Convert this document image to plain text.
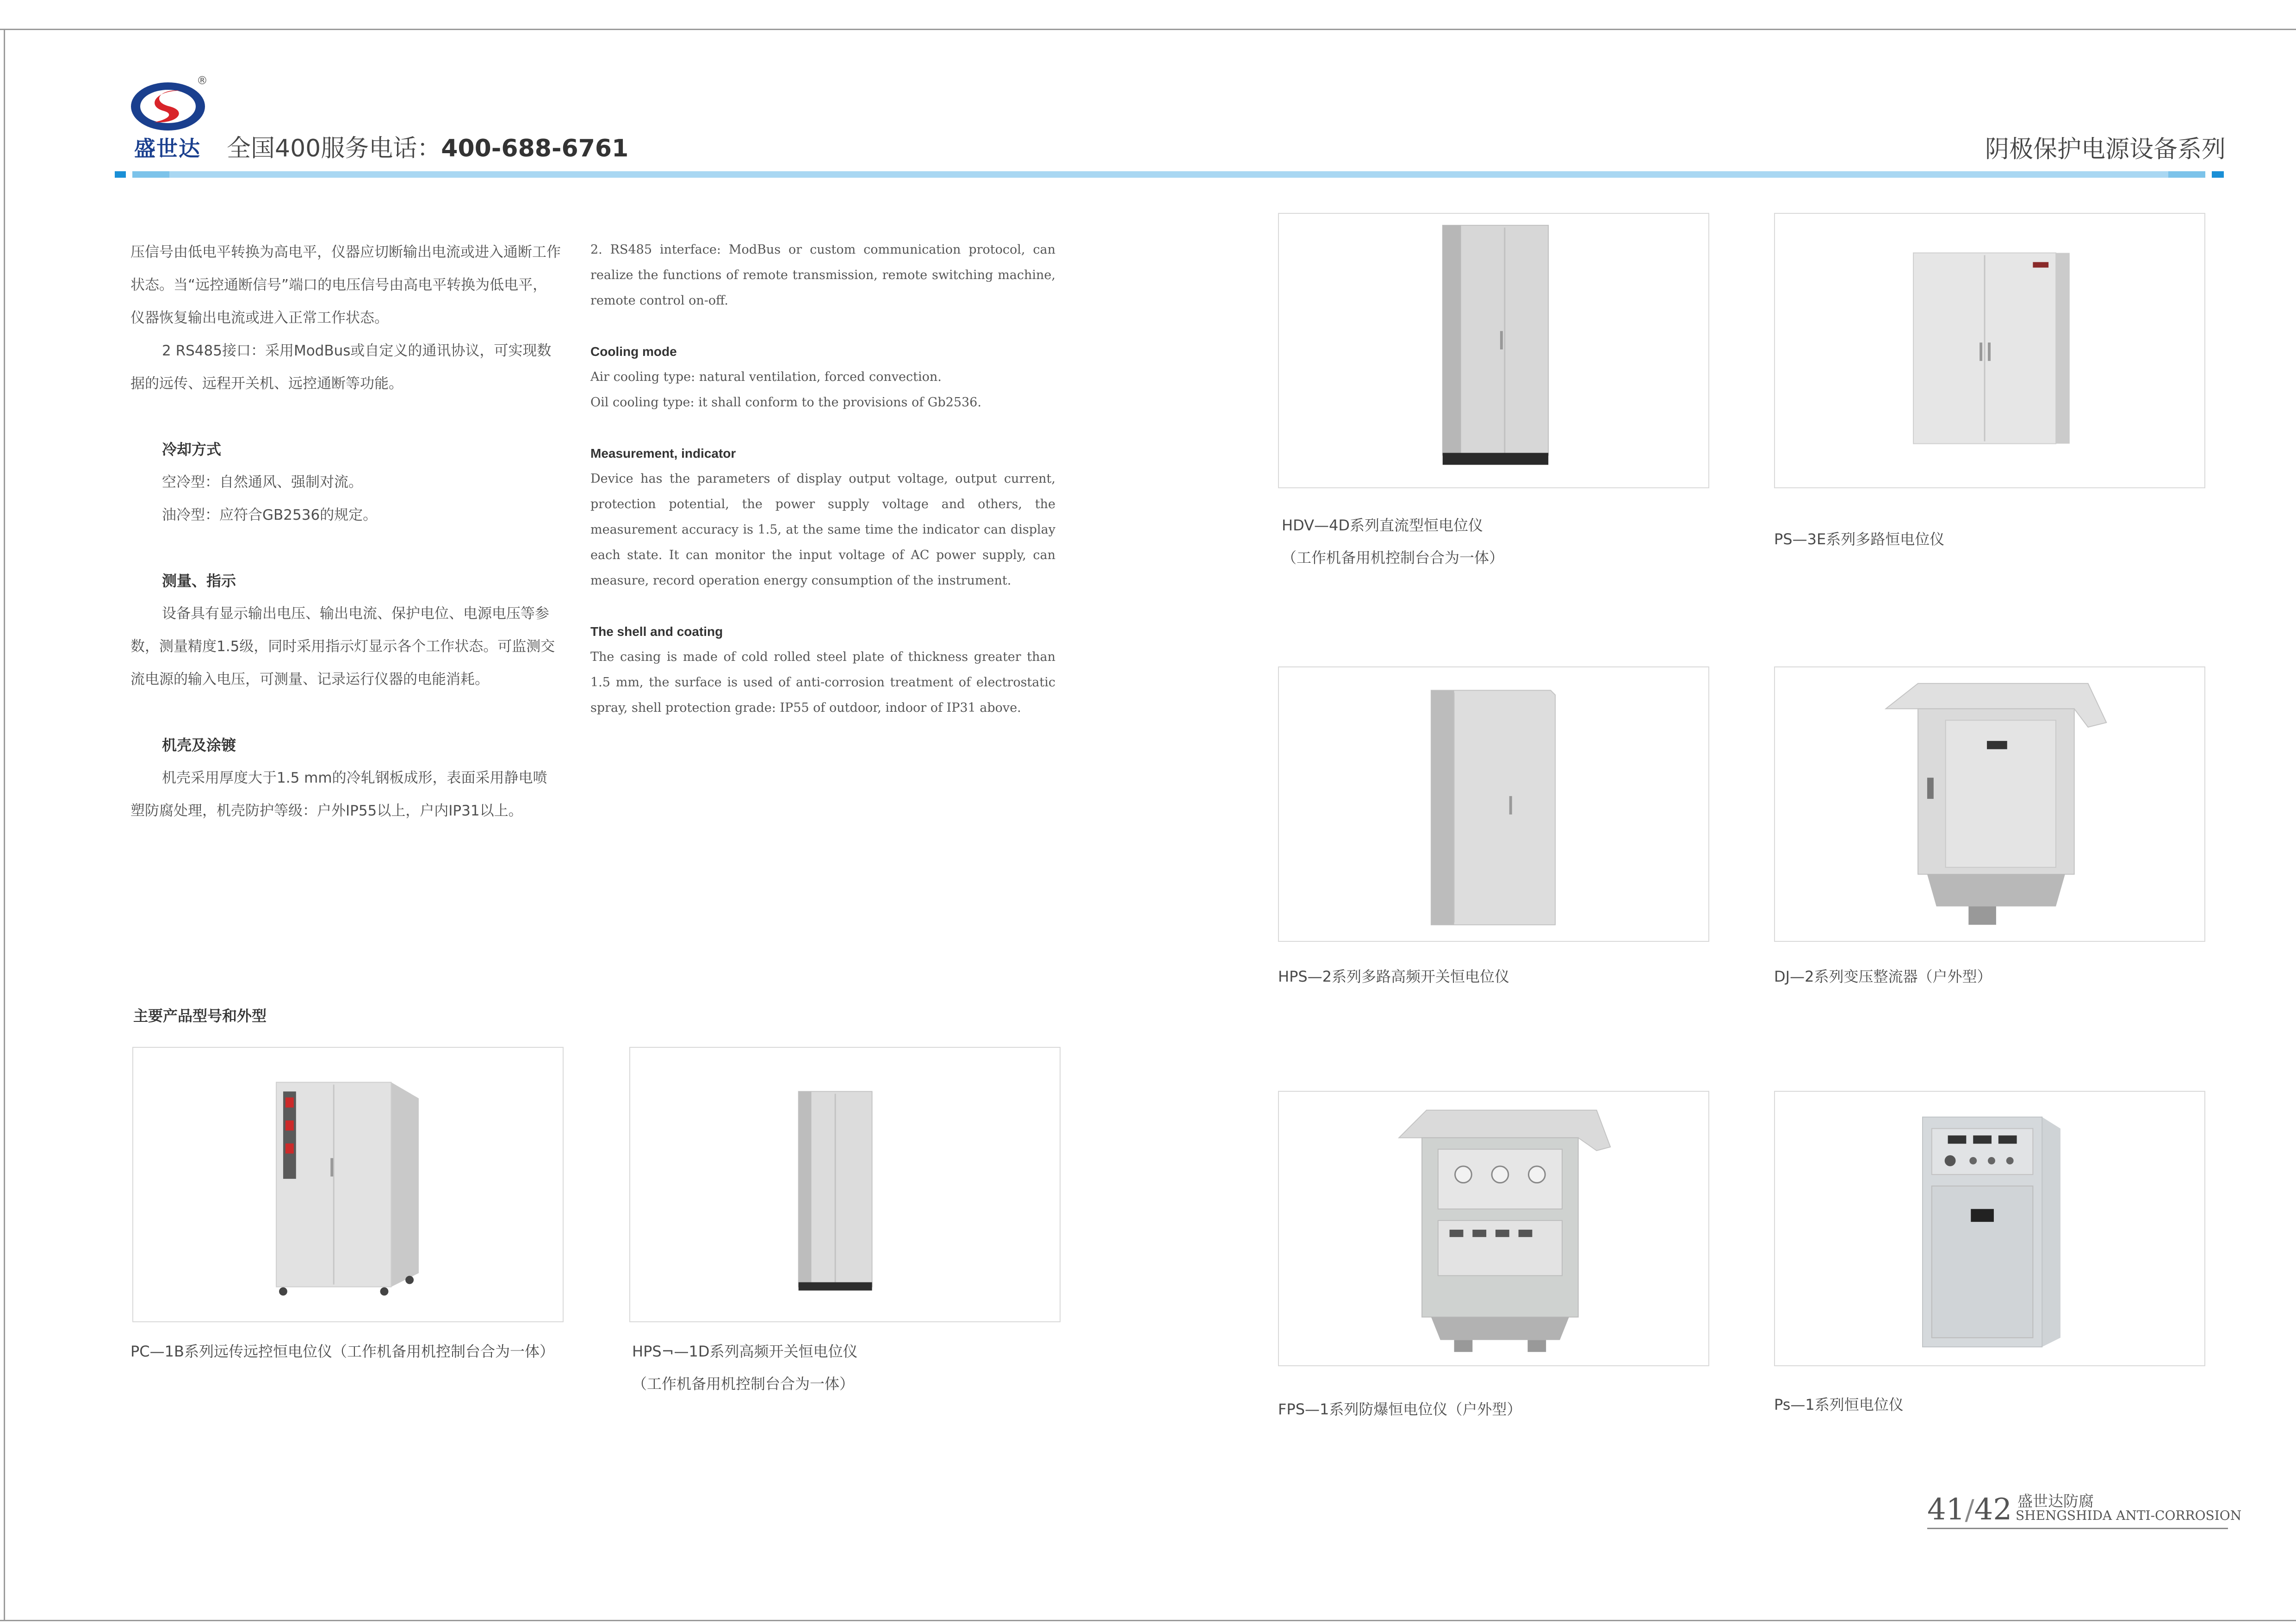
®
盛世达 全国400服务电话：400-688-6761	阴极保护电源设备系列

压信号由低电平转换为高电平，仪器应切断输出电流或进入通断工作状态。当“远控通断信号”端口的电压信号由高电平转换为低电平，仪器恢复输出电流或进入正常工作状态。

2 RS485接口：采用ModBus或自定义的通讯协议，可实现数据的远传、远程开关机、远控通断等功能。

冷却方式

空冷型：自然通风、强制对流。

油冷型：应符合GB2536的规定。

测量、指示

设备具有显示输出电压、输出电流、保护电位、电源电压等参数，测量精度1.5级，同时采用指示灯显示各个工作状态。可监测交流电源的输入电压，可测量、记录运行仪器的电能消耗。

机壳及涂镀

机壳采用厚度大于1.5 mm的冷轧钢板成形，表面采用静电喷塑防腐处理，机壳防护等级：户外IP55以上，户内IP31以上。

2. RS485 interface: ModBus or custom communication protocol, can realize the functions of remote transmission, remote switching machine, remote control on-off.

Cooling mode

Air cooling type: natural ventilation, forced convection.

Oil cooling type: it shall conform to the provisions of Gb2536.

Measurement, indicator

Device has the parameters of display output voltage, output current, protection potential, the power supply voltage and others, the measurement accuracy is 1.5, at the same time the indicator can display each state. It can monitor the input voltage of AC power supply, can measure, record operation energy consumption of the instrument.

The shell and coating

The casing is made of cold rolled steel plate of thickness greater than 1.5 mm, the surface is used of anti-corrosion treatment of electrostatic spray, shell protection grade: IP55 of outdoor, indoor of IP31 above.

主要产品型号和外型
PC—1B系列远传远控恒电位仪（工作机备用机控制台合为一体）	HPS¬—1D系列高频开关恒电位仪
（工作机备用机控制台合为一体）
HDV—4D系列直流型恒电位仪
（工作机备用机控制台合为一体）
PS—3E系列多路恒电位仪
HPS—2系列多路高频开关恒电位仪	DJ—2系列变压整流器（户外型）
FPS—1系列防爆恒电位仪（户外型）	Ps—1系列恒电位仪
41/42 盛世达防腐
SHENGSHIDA ANTI-CORROSION
